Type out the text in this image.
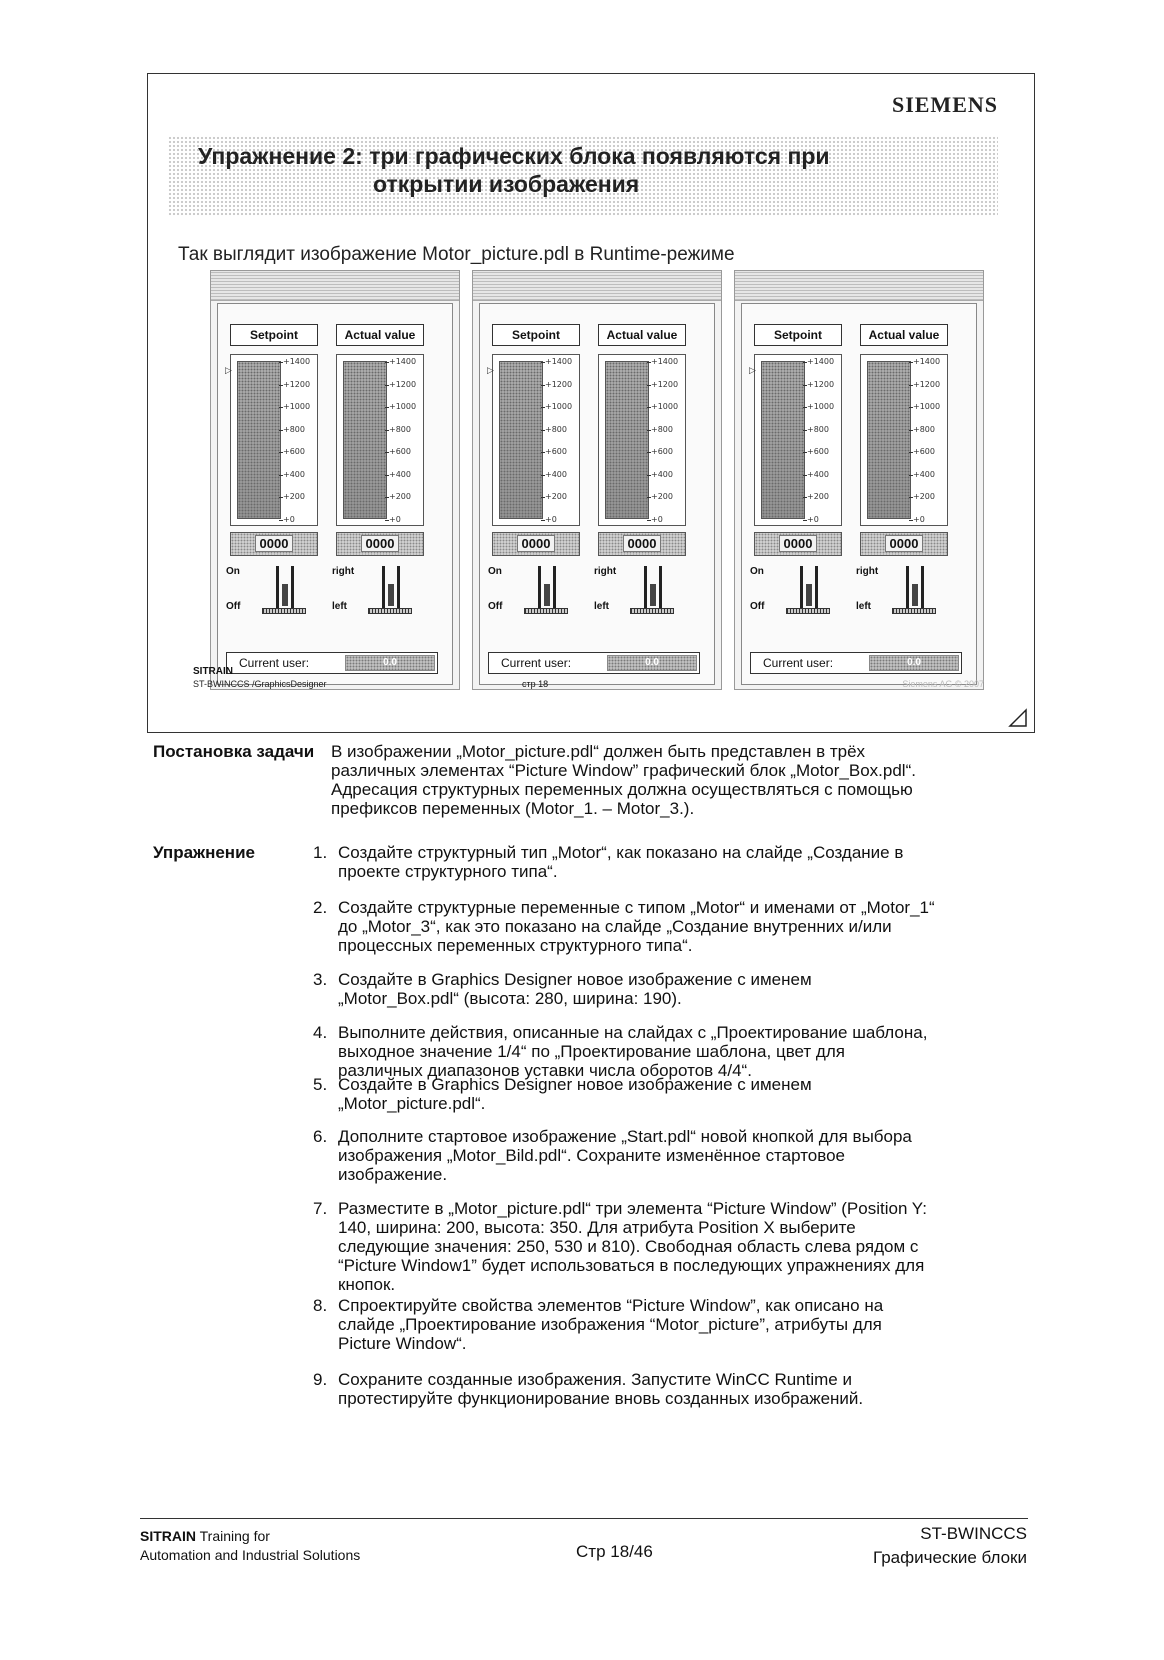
SIEMENS
Упражнение 2: три графических блока появляются при
открытии изображения
Так выглядит изображение Motor_picture.pdl в Runtime-режиме
Setpoint
▷
+1400
+1200
+1000
+800
+600
+400
+200
+0
0000
On
Off
Actual value
+1400
+1200
+1000
+800
+600
+400
+200
+0
0000
right
left
Current user:	0.0
Setpoint
▷
+1400
+1200
+1000
+800
+600
+400
+200
+0
0000
On
Off
Actual value
+1400
+1200
+1000
+800
+600
+400
+200
+0
0000
right
left
Current user:	0.0
Setpoint
▷
+1400
+1200
+1000
+800
+600
+400
+200
+0
0000
On
Off
Actual value
+1400
+1200
+1000
+800
+600
+400
+200
+0
0000
right
left
Current user:	0.0
SITRAIN
ST-BWINCCS /GraphicsDesigner	стр 18	Siemens AG © 2007
Постановка задачи В изображении „Motor_picture.pdl“ должен быть представлен в трёх
различных элементах “Picture Window” графический блок „Motor_Box.pdl“.
Адресация структурных переменных должна осуществляться с помощью
префиксов переменных (Motor_1. – Motor_3.).
Упражнение	1. Создайте структурный тип „Motor“, как показано на слайде „Создание в
проекте структурного типа“.
2. Создайте структурные переменные с типом „Motor“ и именами от „Motor_1“
до „Motor_3“, как это показано на слайде „Создание внутренних и/или
процессных переменных структурного типа“.
3. Создайте в Graphics Designer новое изображение с именем
„Motor_Box.pdl“ (высота: 280, ширина: 190).
4. Выполните действия, описанные на слайдах с „Проектирование шаблона,
выходное значение 1/4“ по „Проектирование шаблона, цвет для
различных диапазонов уставки числа оборотов 4/4“.
5. Создайте в Graphics Designer новое изображение с именем
„Motor_picture.pdl“.
6. Дополните стартовое изображение „Start.pdl“ новой кнопкой для выбора
изображения „Motor_Bild.pdl“. Сохраните изменённое стартовое
изображение.
7. Разместите в „Motor_picture.pdl“ три элемента “Picture Window” (Position Y:
140, ширина: 200, высота: 350. Для атрибута Position X выберите
следующие значения: 250, 530 и 810). Свободная область слева рядом с
“Picture Window1” будет использоваться в последующих упражнениях для
кнопок.
8. Спроектируйте свойства элементов “Picture Window”, как описано на
слайде „Проектирование изображения “Motor_picture”, атрибуты для
Picture Window“.
9. Сохраните созданные изображения. Запустите WinCC Runtime и
протестируйте функционирование вновь созданных изображений.
SITRAIN Training for
Automation and Industrial Solutions	Стр 18/46
ST-BWINCCS
Графические блоки
